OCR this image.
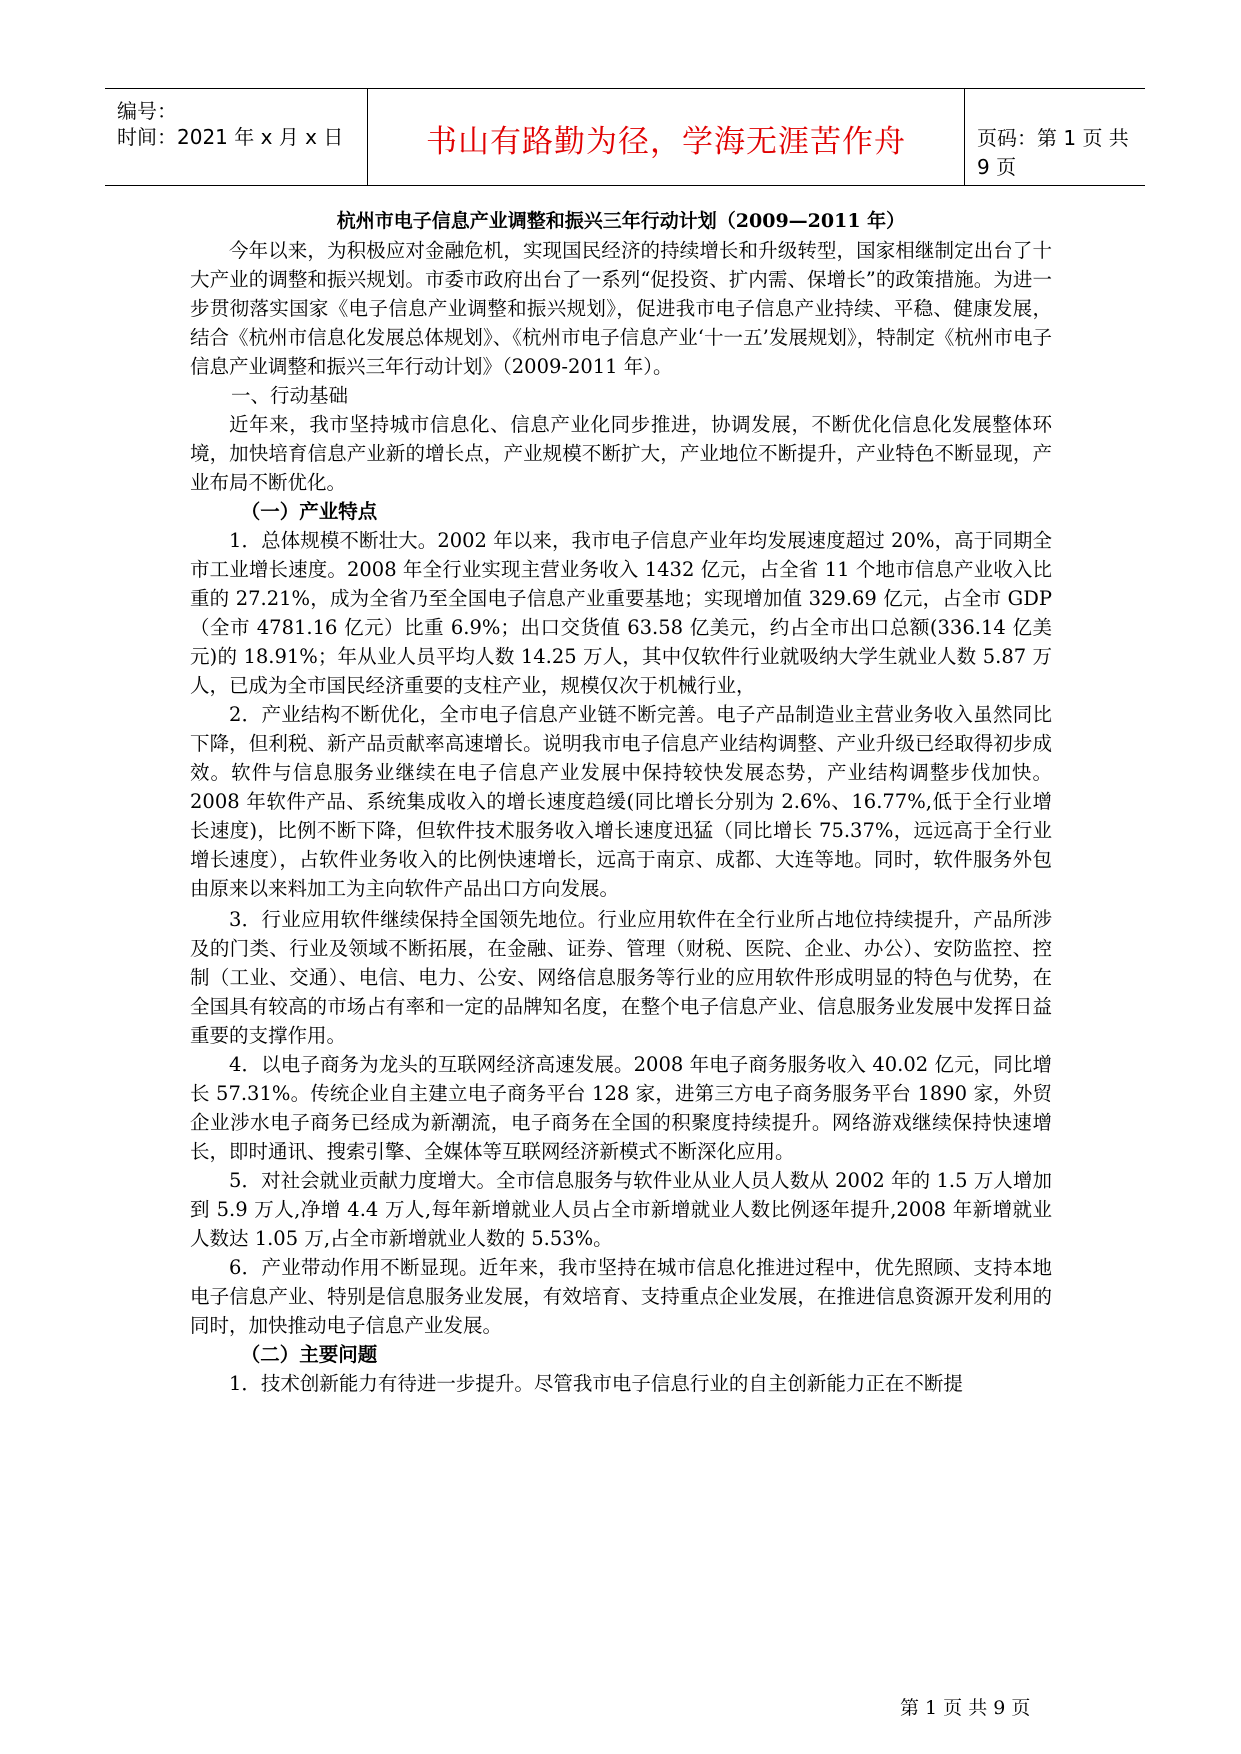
编号：
时间：2021 年 x 月 x 日	书山有路勤为径，学海无涯苦作舟	页码：第 1 页 共 9 页
杭州市电子信息产业调整和振兴三年行动计划（2009—2011 年）

今年以来，为积极应对金融危机，实现国民经济的持续增长和升级转型，国家相继制定出台了十大产业的调整和振兴规划。市委市政府出台了一系列“促投资、扩内需、保增长”的政策措施。为进一步贯彻落实国家《电子信息产业调整和振兴规划》，促进我市电子信息产业持续、平稳、健康发展，结合《杭州市信息化发展总体规划》、《杭州市电子信息产业‘十一五’发展规划》，特制定《杭州市电子信息产业调整和振兴三年行动计划》（2009-2011 年）。

一、行动基础

近年来，我市坚持城市信息化、信息产业化同步推进，协调发展，不断优化信息化发展整体环境，加快培育信息产业新的增长点，产业规模不断扩大，产业地位不断提升，产业特色不断显现，产业布局不断优化。

（一）产业特点

1．总体规模不断壮大。2002 年以来，我市电子信息产业年均发展速度超过 20%，高于同期全市工业增长速度。2008 年全行业实现主营业务收入 1432 亿元，占全省 11 个地市信息产业收入比重的 27.21%，成为全省乃至全国电子信息产业重要基地；实现增加值 329.69 亿元，占全市 GDP（全市 4781.16 亿元）比重 6.9%；出口交货值 63.58 亿美元，约占全市出口总额(336.14 亿美元)的 18.91%；年从业人员平均人数 14.25 万人，其中仅软件行业就吸纳大学生就业人数 5.87 万人，已成为全市国民经济重要的支柱产业，规模仅次于机械行业，

2．产业结构不断优化，全市电子信息产业链不断完善。电子产品制造业主营业务收入虽然同比下降，但利税、新产品贡献率高速增长。说明我市电子信息产业结构调整、产业升级已经取得初步成效。软件与信息服务业继续在电子信息产业发展中保持较快发展态势，产业结构调整步伐加快。2008 年软件产品、系统集成收入的增长速度趋缓(同比增长分别为 2.6%、16.77%,低于全行业增长速度)，比例不断下降，但软件技术服务收入增长速度迅猛（同比增长 75.37%，远远高于全行业增长速度），占软件业务收入的比例快速增长，远高于南京、成都、大连等地。同时，软件服务外包由原来以来料加工为主向软件产品出口方向发展。

3．行业应用软件继续保持全国领先地位。行业应用软件在全行业所占地位持续提升，产品所涉及的门类、行业及领域不断拓展，在金融、证券、管理（财税、医院、企业、办公）、安防监控、控制（工业、交通）、电信、电力、公安、网络信息服务等行业的应用软件形成明显的特色与优势，在全国具有较高的市场占有率和一定的品牌知名度，在整个电子信息产业、信息服务业发展中发挥日益重要的支撑作用。

4．以电子商务为龙头的互联网经济高速发展。2008 年电子商务服务收入 40.02 亿元，同比增长 57.31%。传统企业自主建立电子商务平台 128 家，进第三方电子商务服务平台 1890 家，外贸企业涉水电子商务已经成为新潮流，电子商务在全国的积聚度持续提升。网络游戏继续保持快速增长，即时通讯、搜索引擎、全媒体等互联网经济新模式不断深化应用。

5．对社会就业贡献力度增大。全市信息服务与软件业从业人员人数从 2002 年的 1.5 万人增加到 5.9 万人,净增 4.4 万人,每年新增就业人员占全市新增就业人数比例逐年提升,2008 年新增就业人数达 1.05 万,占全市新增就业人数的 5.53%。

6．产业带动作用不断显现。近年来，我市坚持在城市信息化推进过程中，优先照顾、支持本地电子信息产业、特别是信息服务业发展，有效培育、支持重点企业发展，在推进信息资源开发利用的同时，加快推动电子信息产业发展。

（二）主要问题

1．技术创新能力有待进一步提升。尽管我市电子信息行业的自主创新能力正在不断提

第 1 页 共 9 页
